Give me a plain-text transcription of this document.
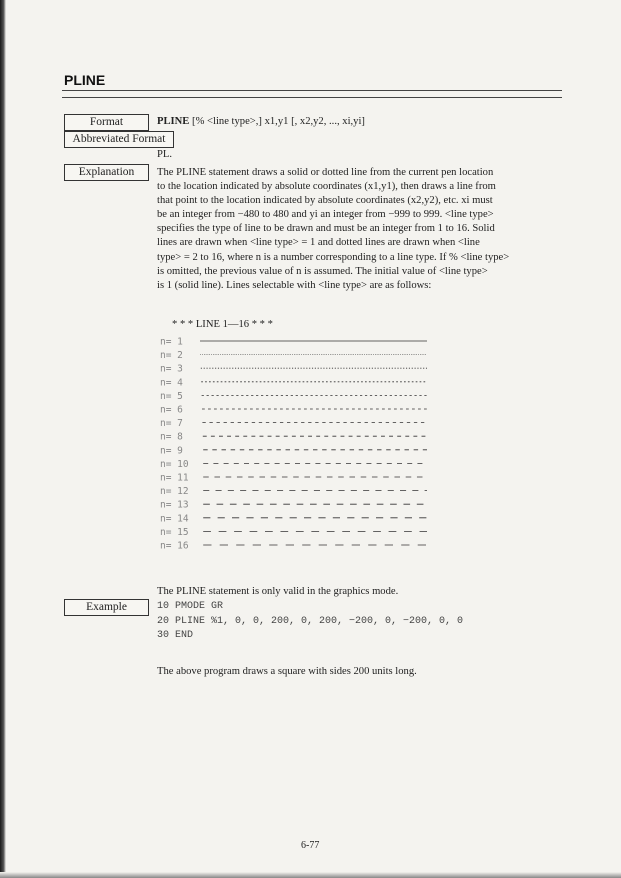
PLINE
Format	PLINE [% <line type>,] x1,y1 [, x2,y2, ..., xi,yi]
Abbreviated Format
PL.
Explanation	The PLINE statement draws a solid or dotted line from the current pen location
to the location indicated by absolute coordinates (x1,y1), then draws a line from
that point to the location indicated by absolute coordinates (x2,y2), etc. xi must
be an integer from −480 to 480 and yi an integer from −999 to 999. <line type>
specifies the type of line to be drawn and must be an integer from 1 to 16. Solid
lines are drawn when <line type> = 1 and dotted lines are drawn when <line
type> = 2 to 16, where n is a number corresponding to a line type. If % <line type>
is omitted, the previous value of n is assumed. The initial value of <line type>
is 1 (solid line). Lines selectable with <line type> are as follows:
* * * LINE 1—16 * * *
n= 1
n= 2
n= 3
n= 4
n= 5
n= 6
n= 7
n= 8
n= 9
n= 10
n= 11
n= 12
n= 13
n= 14
n= 15
n= 16
The PLINE statement is only valid in the graphics mode.
Example	10 PMODE GR
20 PLINE %1, 0, 0, 200, 0, 200, −200, 0, −200, 0, 0
30 END
The above program draws a square with sides 200 units long.
6-77
